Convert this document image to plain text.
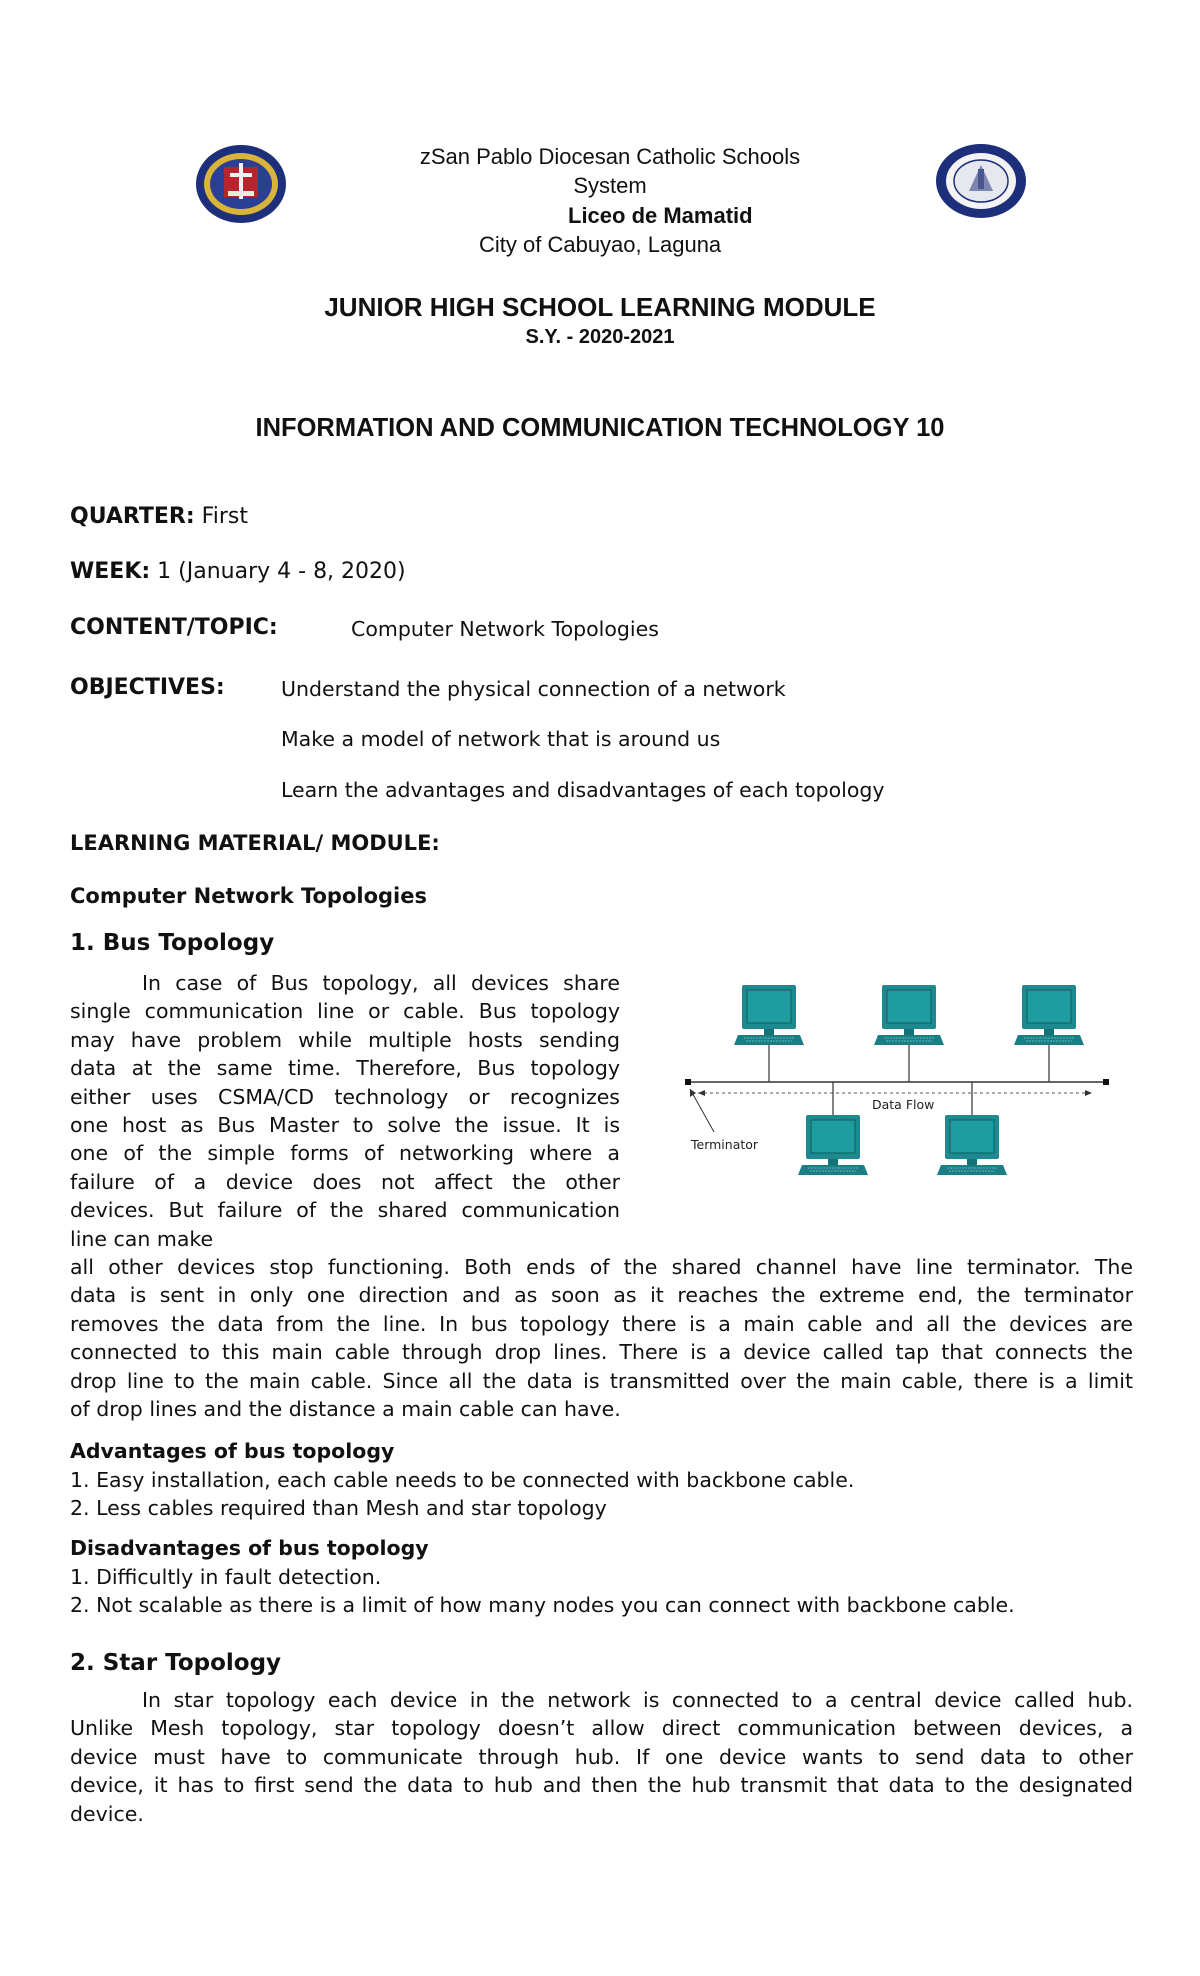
zSan Pablo Diocesan Catholic Schools
System
Liceo de Mamatid
City of Cabuyao, Laguna
JUNIOR HIGH SCHOOL LEARNING MODULE
S.Y. - 2020-2021
INFORMATION AND COMMUNICATION TECHNOLOGY 10
QUARTER: First
WEEK: 1 (January 4 - 8, 2020)
CONTENT/TOPIC:	Computer Network Topologies
OBJECTIVES:	Understand the physical connection of a network
Make a model of network that is around us
Learn the advantages and disadvantages of each topology
LEARNING MATERIAL/ MODULE:
Computer Network Topologies
1. Bus Topology
In case of Bus topology, all devices share
single communication line or cable. Bus topology
may have problem while multiple hosts sending
data at the same time. Therefore, Bus topology
either uses CSMA/CD technology or recognizes
one host as Bus Master to solve the issue. It is
one of the simple forms of networking where a
failure of a device does not affect the other
devices. But failure of the shared communication
line can make
Data Flow
Terminator
all other devices stop functioning. Both ends of the shared channel have line terminator. The
data is sent in only one direction and as soon as it reaches the extreme end, the terminator
removes the data from the line. In bus topology there is a main cable and all the devices are
connected to this main cable through drop lines. There is a device called tap that connects the
drop line to the main cable. Since all the data is transmitted over the main cable, there is a limit
of drop lines and the distance a main cable can have.
Advantages of bus topology
1. Easy installation, each cable needs to be connected with backbone cable.
2. Less cables required than Mesh and star topology
Disadvantages of bus topology
1. Difficultly in fault detection.
2. Not scalable as there is a limit of how many nodes you can connect with backbone cable.
2. Star Topology
In star topology each device in the network is connected to a central device called hub.
Unlike Mesh topology, star topology doesn’t allow direct communication between devices, a
device must have to communicate through hub. If one device wants to send data to other
device, it has to first send the data to hub and then the hub transmit that data to the designated
device.
